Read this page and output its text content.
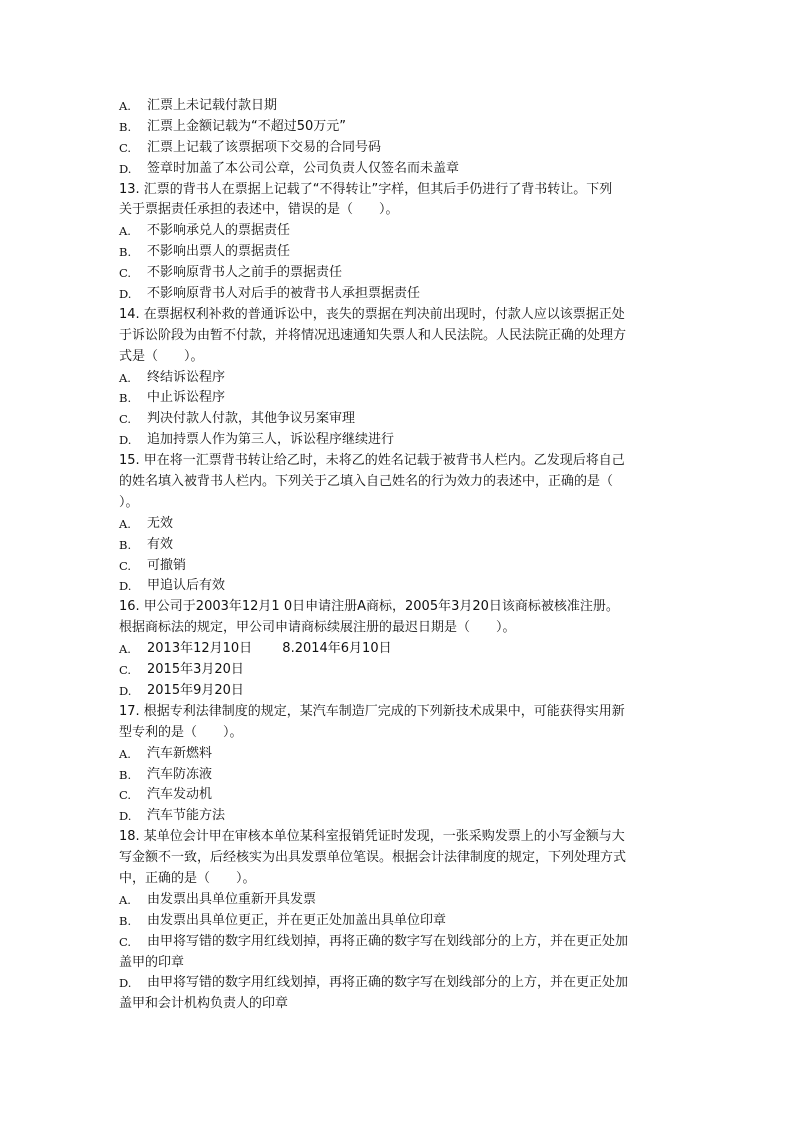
A.	汇票上未记载付款日期
B.	汇票上金额记载为“不超过50万元”
C.	汇票上记载了该票据项下交易的合同号码
D.	签章时加盖了本公司公章，公司负责人仅签名而未盖章
13. 汇票的背书人在票据上记载了“不得转让”字样，但其后手仍进行了背书转让。下列
关于票据责任承担的表述中，错误的是（　　）。
A.	不影响承兑人的票据责任
B.	不影响出票人的票据责任
C.	不影响原背书人之前手的票据责任
D.	不影响原背书人对后手的被背书人承担票据责任
14. 在票据权利补救的普通诉讼中，丧失的票据在判决前出现时，付款人应以该票据正处
于诉讼阶段为由暂不付款，并将情况迅速通知失票人和人民法院。人民法院正确的处理方
式是（　　）。
A.	终结诉讼程序
B.	中止诉讼程序
C.	判决付款人付款，其他争议另案审理
D.	追加持票人作为第三人，诉讼程序继续进行
15. 甲在将一汇票背书转让给乙时，未将乙的姓名记载于被背书人栏内。乙发现后将自己
的姓名填入被背书人栏内。下列关于乙填入自己姓名的行为效力的表述中，正确的是（
）。
A.	无效
B.	有效
C.	可撤销
D.	甲追认后有效
16. 甲公司于2003年12月1 0日申请注册A商标，2005年3月20日该商标被核准注册。
根据商标法的规定，甲公司申请商标续展注册的最迟日期是（　　）。
A.	2013年12月10日　　 8.2014年6月10日
C.	2015年3月20日
D.	2015年9月20日
17. 根据专利法律制度的规定，某汽车制造厂完成的下列新技术成果中，可能获得实用新
型专利的是（　　）。
A.	汽车新燃料
B.	汽车防冻液
C.	汽车发动机
D.	汽车节能方法
18. 某单位会计甲在审核本单位某科室报销凭证时发现，一张采购发票上的小写金额与大
写金额不一致，后经核实为出具发票单位笔误。根据会计法律制度的规定，下列处理方式
中，正确的是（　　）。
A.	由发票出具单位重新开具发票
B.	由发票出具单位更正，并在更正处加盖出具单位印章
C.	由甲将写错的数字用红线划掉，再将正确的数字写在划线部分的上方，并在更正处加
盖甲的印章
D.	由甲将写错的数字用红线划掉，再将正确的数字写在划线部分的上方，并在更正处加
盖甲和会计机构负责人的印章
